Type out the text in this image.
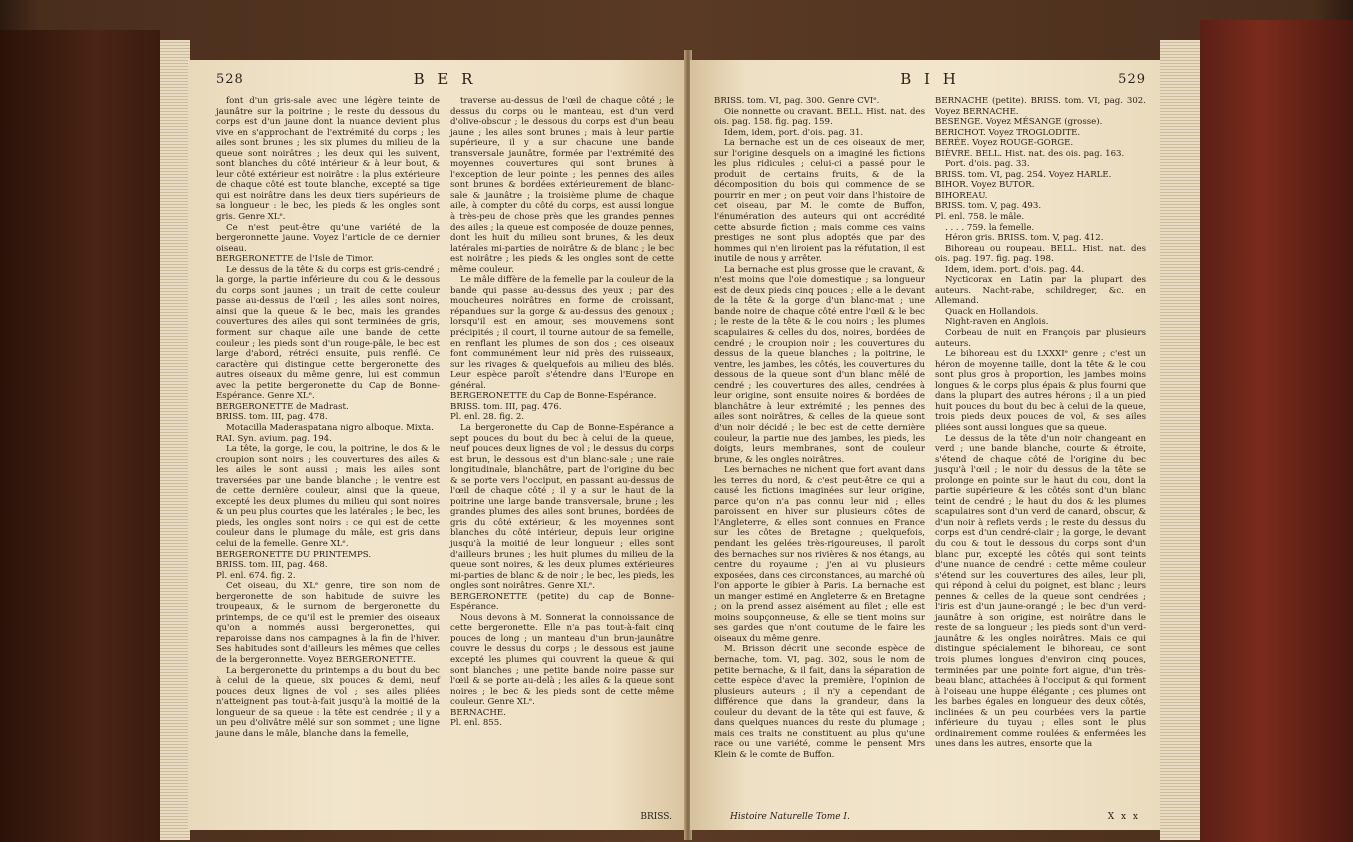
528	B E R

font d'un gris-sale avec une légère teinte de jaunâtre sur la poitrine ; le reste du dessous du corps est d'un jaune dont la nuance devient plus vive en s'approchant de l'extrémité du corps ; les ailes sont brunes ; les six plumes du milieu de la queue sont noirâtres ; les deux qui les suivent, sont blanches du côté intérieur & à leur bout, & leur côté extérieur est noirâtre : la plus extérieure de chaque côté est toute blanche, excepté sa tige qui est noirâtre dans les deux tiers supérieurs de sa longueur : le bec, les pieds & les ongles sont gris. Genre XLᵉ.

Ce n'est peut-être qu'une variété de la bergeronnette jaune. Voyez l'article de ce dernier oiseau.

BERGERONETTE de l'Isle de Timor.

Le dessus de la tête & du corps est gris-cendré ; la gorge, la partie inférieure du cou & le dessous du corps sont jaunes ; un trait de cette couleur passe au-dessus de l'œil ; les ailes sont noires, ainsi que la queue & le bec, mais les grandes couvertures des ailes qui sont terminées de gris, forment sur chaque aile une bande de cette couleur ; les pieds sont d'un rouge-pâle, le bec est large d'abord, rétréci ensuite, puis renflé. Ce caractère qui distingue cette bergeronette des autres oiseaux du même genre, lui est commun avec la petite bergeronette du Cap de Bonne-Espérance. Genre XLᵉ.

BERGERONETTE de Madrast.

BRISS. tom. III, pag. 478.

Motacilla Maderaspatana nigro alboque. Mixta.

RAI. Syn. avium. pag. 194.

La tête, la gorge, le cou, la poitrine, le dos & le croupion sont noirs ; les couvertures des ailes & les ailes le sont aussi ; mais les ailes sont traversées par une bande blanche ; le ventre est de cette dernière couleur, ainsi que la queue, excepté les deux plumes du milieu qui sont noires & un peu plus courtes que les latérales ; le bec, les pieds, les ongles sont noirs : ce qui est de cette couleur dans le plumage du mâle, est gris dans celui de la femelle. Genre XLᵉ.

BERGERONETTE DU PRINTEMPS.

BRISS. tom. III, pag. 468.

Pl. enl. 674. fig. 2.

Cet oiseau, du XLᵉ genre, tire son nom de bergeronette de son habitude de suivre les troupeaux, & le surnom de bergeronette du printemps, de ce qu'il est le premier des oiseaux qu'on a nommés aussi bergeronettes, qui reparoisse dans nos campagnes à la fin de l'hiver. Ses habitudes sont d'ailleurs les mêmes que celles de la bergeronnette. Voyez BERGERONETTE.

La bergeronette du printemps a du bout du bec à celui de la queue, six pouces & demi, neuf pouces deux lignes de vol ; ses ailes pliées n'atteignent pas tout-à-fait jusqu'à la moitié de la longueur de sa queue : la tête est cendrée ; il y a un peu d'olivâtre mêlé sur son sommet ; une ligne jaune dans le mâle, blanche dans la femelle,

traverse au-dessus de l'œil de chaque côté ; le dessus du corps ou le manteau, est d'un verd d'olive-obscur ; le dessous du corps est d'un beau jaune ; les ailes sont brunes ; mais à leur partie supérieure, il y a sur chacune une bande transversale jaunâtre, formée par l'extrémité des moyennes couvertures qui sont brunes à l'exception de leur pointe ; les pennes des ailes sont brunes & bordées extérieurement de blanc-sale & jaunâtre ; la troisième plume de chaque aile, à compter du côté du corps, est aussi longue à très-peu de chose près que les grandes pennes des ailes ; la queue est composée de douze pennes, dont les huit du milieu sont brunes, & les deux latérales mi-parties de noirâtre & de blanc ; le bec est noirâtre ; les pieds & les ongles sont de cette même couleur.

Le mâle diffère de la femelle par la couleur de la bande qui passe au-dessus des yeux ; par des moucheures noirâtres en forme de croissant, répandues sur la gorge & au-dessus des genoux ; lorsqu'il est en amour, ses mouvemens sont précipités ; il court, il tourne autour de sa femelle, en renflant les plumes de son dos ; ces oiseaux font communément leur nid près des ruisseaux, sur les rivages & quelquefois au milieu des blés. Leur espèce paroît s'étendre dans l'Europe en général.

BERGERONETTE du Cap de Bonne-Espérance.

BRISS. tom. III, pag. 476.

Pl. enl. 28. fig. 2.

La bergeronette du Cap de Bonne-Espérance a sept pouces du bout du bec à celui de la queue, neuf pouces deux lignes de vol ; le dessus du corps est brun, le dessous est d'un blanc-sale ; une raie longitudinale, blanchâtre, part de l'origine du bec & se porte vers l'occiput, en passant au-dessus de l'œil de chaque côté ; il y a sur le haut de la poitrine une large bande transversale, brune ; les grandes plumes des ailes sont brunes, bordées de gris du côté extérieur, & les moyennes sont blanches du côté intérieur, depuis leur origine jusqu'à la moitié de leur longueur ; elles sont d'ailleurs brunes ; les huit plumes du milieu de la queue sont noires, & les deux plumes extérieures mi-parties de blanc & de noir ; le bec, les pieds, les ongles sont noirâtres. Genre XLᵉ.

BERGERONETTE (petite) du cap de Bonne-Espérance.

Nous devons à M. Sonnerat la connoissance de cette bergeronette. Elle n'a pas tout-à-fait cinq pouces de long ; un manteau d'un brun-jaunâtre couvre le dessus du corps ; le dessous est jaune excepté les plumes qui couvrent la queue & qui sont blanches ; une petite bande noire passe sur l'œil & se porte au-delà ; les ailes & la queue sont noires ; le bec & les pieds sont de cette même couleur. Genre XLᵉ.

BERNACHE.

Pl. enl. 855.

BRISS.
B I H	529

BRISS. tom. VI, pag. 300. Genre CVIᵉ.

Oie nonnette ou cravant. BELL. Hist. nat. des ois. pag. 158. fig. pag. 159.

Idem, idem, port. d'ois. pag. 31.

La bernache est un de ces oiseaux de mer, sur l'origine desquels on a imaginé les fictions les plus ridicules ; celui-ci a passé pour le produit de certains fruits, & de la décomposition du bois qui commence de se pourrir en mer ; on peut voir dans l'histoire de cet oiseau, par M. le comte de Buffon, l'énumération des auteurs qui ont accrédité cette absurde fiction ; mais comme ces vains prestiges ne sont plus adoptés que par des hommes qui n'en liroient pas la réfutation, il est inutile de nous y arrêter.

La bernache est plus grosse que le cravant, & n'est moins que l'oie domestique ; sa longueur est de deux pieds cinq pouces ; elle a le devant de la tête & la gorge d'un blanc-mat ; une bande noire de chaque côté entre l'œil & le bec ; le reste de la tête & le cou noirs ; les plumes scapulaires & celles du dos, noires, bordées de cendré ; le croupion noir ; les couvertures du dessus de la queue blanches ; la poitrine, le ventre, les jambes, les côtés, les couvertures du dessous de la queue sont d'un blanc mêlé de cendré ; les couvertures des ailes, cendrées à leur origine, sont ensuite noires & bordées de blanchâtre à leur extrémité ; les pennes des ailes sont noirâtres, & celles de la queue sont d'un noir décidé ; le bec est de cette dernière couleur, la partie nue des jambes, les pieds, les doigts, leurs membranes, sont de couleur brune, & les ongles noirâtres.

Les bernaches ne nichent que fort avant dans les terres du nord, & c'est peut-être ce qui a causé les fictions imaginées sur leur origine, parce qu'on n'a pas connu leur nid ; elles paroissent en hiver sur plusieurs côtes de l'Angleterre, & elles sont connues en France sur les côtes de Bretagne ; quelquefois, pendant les gelées très-rigoureuses, il paroît des bernaches sur nos rivières & nos étangs, au centre du royaume ; j'en ai vu plusieurs exposées, dans ces circonstances, au marché où l'on apporte le gibier à Paris. La bernache est un manger estimé en Angleterre & en Bretagne ; on la prend assez aisément au filet ; elle est moins soupçonneuse, & elle se tient moins sur ses gardes que n'ont coutume de le faire les oiseaux du même genre.

M. Brisson décrit une seconde espèce de bernache, tom. VI, pag. 302, sous le nom de petite bernache, & il fait, dans la séparation de cette espèce d'avec la première, l'opinion de plusieurs auteurs ; il n'y a cependant de différence que dans la grandeur, dans la couleur du devant de la tête qui est fauve, & dans quelques nuances du reste du plumage ; mais ces traits ne constituent au plus qu'une race ou une variété, comme le pensent Mrs Klein & le comte de Buffon.

BERNACHE (petite). BRISS. tom. VI, pag. 302. Voyez BERNACHE.

BESENGE. Voyez MÉSANGE (grosse).

BERICHOT. Voyez TROGLODITE.

BERÉE. Voyez ROUGE-GORGE.

BIÈVRE. BELL. Hist. nat. des ois. pag. 163.

Port. d'ois. pag. 33.

BRISS. tom. VI, pag. 254. Voyez HARLE.

BIHOR. Voyez BUTOR.

BIHOREAU.

BRISS. tom. V, pag. 493.

Pl. enl. 758. le mâle.

. . . . 759. la femelle.

Héron gris. BRISS. tom. V, pag. 412.

Bihoreau ou roupeau. BELL. Hist. nat. des ois. pag. 197. fig. pag. 198.

Idem, idem. port. d'ois. pag. 44.

Nycticorax en Latin par la plupart des auteurs. Nacht-rabe, schildreger, &c. en Allemand.

Quack en Hollandois.

Night-raven en Anglois.

Corbeau de nuit en François par plusieurs auteurs.

Le bihoreau est du LXXXIᵉ genre ; c'est un héron de moyenne taille, dont la tête & le cou sont plus gros à proportion, les jambes moins longues & le corps plus épais & plus fourni que dans la plupart des autres hérons ; il a un pied huit pouces du bout du bec à celui de la queue, trois pieds deux pouces de vol, & ses ailes pliées sont aussi longues que sa queue.

Le dessus de la tête d'un noir changeant en verd ; une bande blanche, courte & étroite, s'étend de chaque côté de l'origine du bec jusqu'à l'œil ; le noir du dessus de la tête se prolonge en pointe sur le haut du cou, dont la partie supérieure & les côtés sont d'un blanc teint de cendré ; le haut du dos & les plumes scapulaires sont d'un verd de canard, obscur, & d'un noir à reflets verds ; le reste du dessus du corps est d'un cendré-clair ; la gorge, le devant du cou & tout le dessous du corps sont d'un blanc pur, excepté les côtés qui sont teints d'une nuance de cendré : cette même couleur s'étend sur les couvertures des ailes, leur pli, qui répond à celui du poignet, est blanc ; leurs pennes & celles de la queue sont cendrées ; l'iris est d'un jaune-orangé ; le bec d'un verd-jaunâtre à son origine, est noirâtre dans le reste de sa longueur ; les pieds sont d'un verd-jaunâtre & les ongles noirâtres. Mais ce qui distingue spécialement le bihoreau, ce sont trois plumes longues d'environ cinq pouces, terminées par une pointe fort aigue, d'un très-beau blanc, attachées à l'occiput & qui forment à l'oiseau une huppe élégante ; ces plumes ont les barbes égales en longueur des deux côtés, inclinées & un peu courbées vers la partie inférieure du tuyau ; elles sont le plus ordinairement comme roulées & enfermées les unes dans les autres, ensorte que la

Histoire Naturelle Tome I.	X x x
